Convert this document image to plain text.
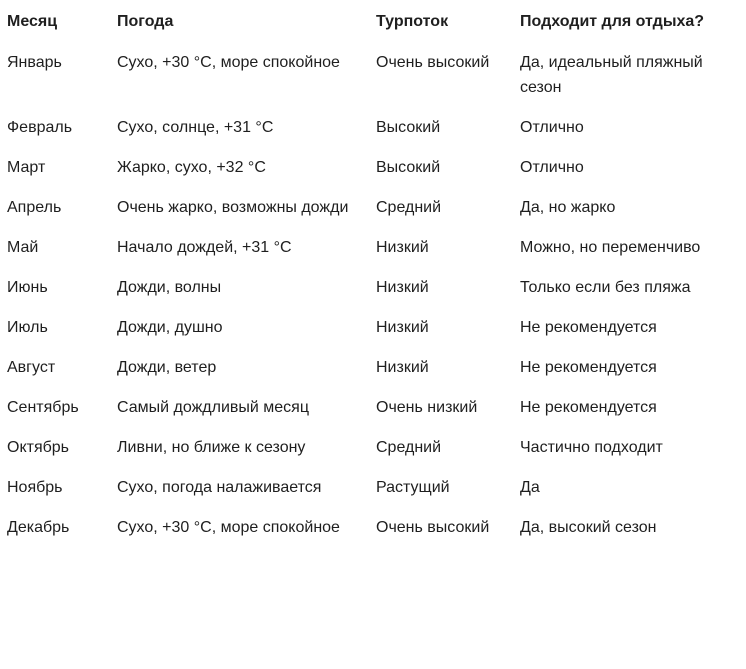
Месяц	Погода	Турпоток	Подходит для отдыха?
Январь	Сухо, +30 °C, море спокойное	Очень высокий	Да, идеальный пляжный сезон
Февраль	Сухо, солнце, +31 °C	Высокий	Отлично
Март	Жарко, сухо, +32 °C	Высокий	Отлично
Апрель	Очень жарко, возможны дожди	Средний	Да, но жарко
Май	Начало дождей, +31 °C	Низкий	Можно, но переменчиво
Июнь	Дожди, волны	Низкий	Только если без пляжа
Июль	Дожди, душно	Низкий	Не рекомендуется
Август	Дожди, ветер	Низкий	Не рекомендуется
Сентябрь	Самый дождливый месяц	Очень низкий	Не рекомендуется
Октябрь	Ливни, но ближе к сезону	Средний	Частично подходит
Ноябрь	Сухо, погода налаживается	Растущий	Да
Декабрь	Сухо, +30 °C, море спокойное	Очень высокий	Да, высокий сезон
